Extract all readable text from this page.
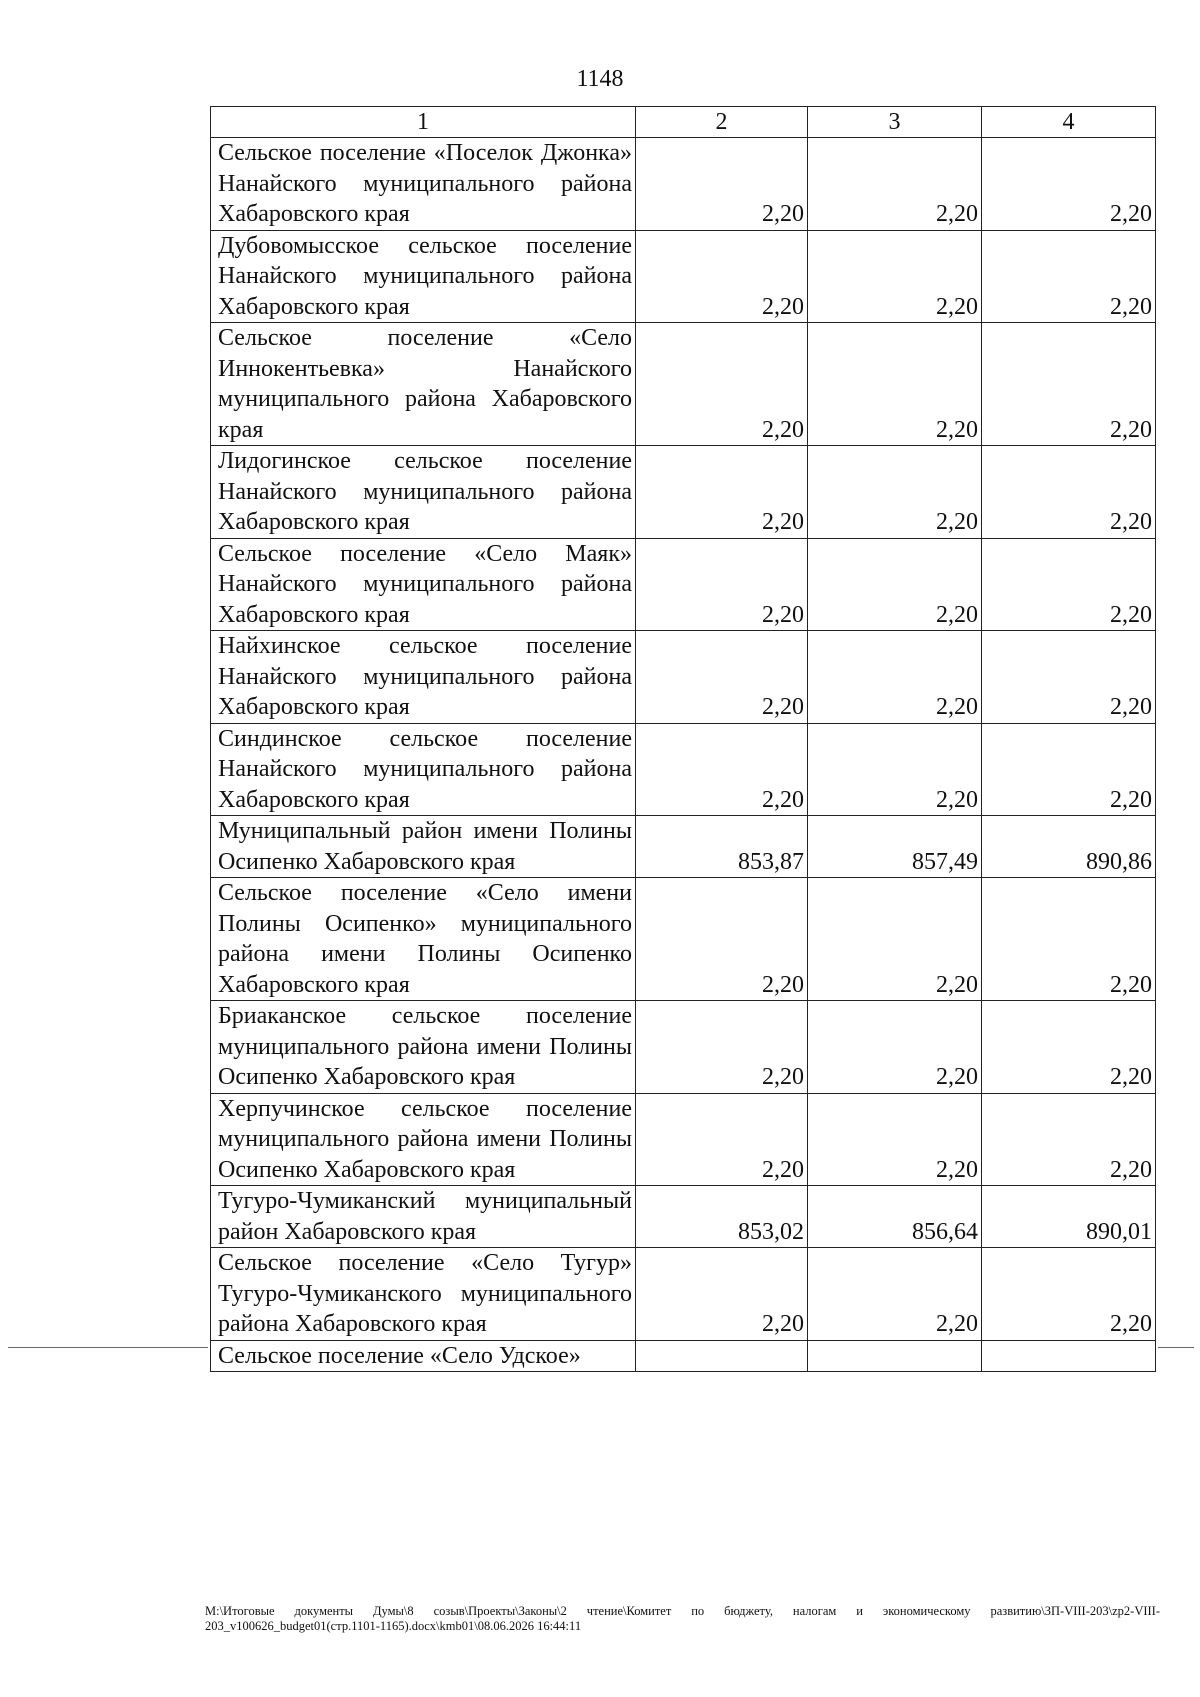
1148
1	2	3	4
Сельское поселение «Поселок Джонка» Нанайского муниципального района Хабаровского края	2,20	2,20	2,20
Дубовомысское сельское поселение Нанайского муниципального района Хабаровского края	2,20	2,20	2,20
Сельское поселение «Село Иннокентьевка» Нанайского муниципального района Хабаровского края	2,20	2,20	2,20
Лидогинское сельское поселение Нанайского муниципального района Хабаровского края	2,20	2,20	2,20
Сельское поселение «Село Маяк» Нанайского муниципального района Хабаровского края	2,20	2,20	2,20
Найхинское сельское поселение Нанайского муниципального района Хабаровского края	2,20	2,20	2,20
Синдинское сельское поселение Нанайского муниципального района Хабаровского края	2,20	2,20	2,20
Муниципальный район имени Полины Осипенко Хабаровского края	853,87	857,49	890,86
Сельское поселение «Село имени Полины Осипенко» муниципального района имени Полины Осипенко Хабаровского края	2,20	2,20	2,20
Бриаканское сельское поселение муниципального района имени Полины Осипенко Хабаровского края	2,20	2,20	2,20
Херпучинское сельское поселение муниципального района имени Полины Осипенко Хабаровского края	2,20	2,20	2,20
Тугуро-Чумиканский муниципальный район Хабаровского края	853,02	856,64	890,01
Сельское поселение «Село Тугур» Тугуро-Чумиканского муниципального района Хабаровского края	2,20	2,20	2,20
Сельское поселение «Село Удское»			
M:\Итоговые документы Думы\8 созыв\Проекты\Законы\2 чтение\Комитет по бюджету, налогам и экономическому развитию\ЗП-VIII-203\zp2-VIII-203_v100626_budget01(стр.1101-1165).docx\kmb01\08.06.2026 16:44:11
